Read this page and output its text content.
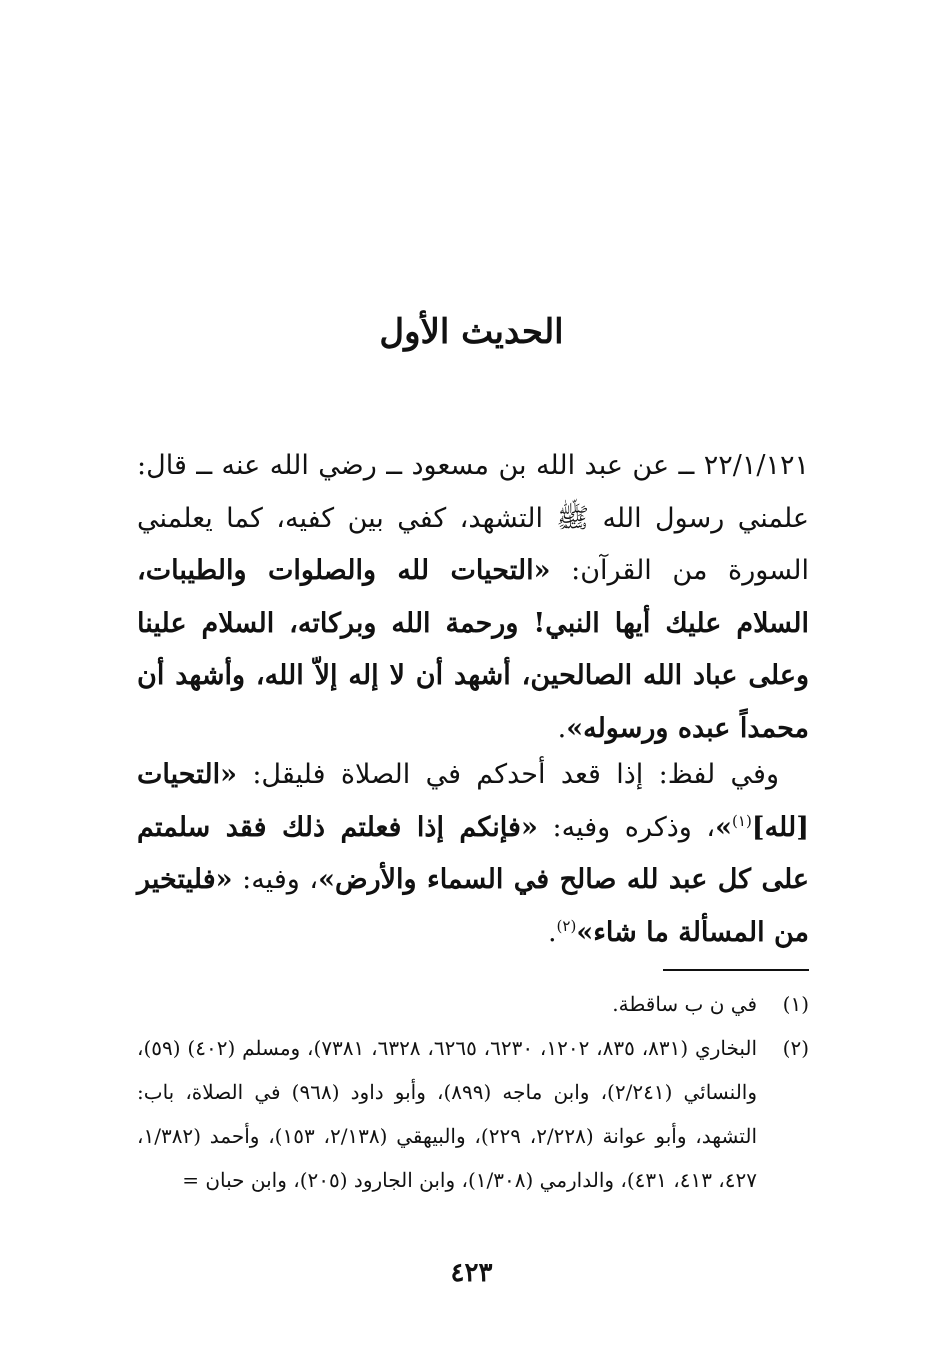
الحديث الأول
٢٢/١/١٢١ ــ عن عبد الله بن مسعود ــ رضي الله عنه ــ قال: علمني رسول الله ﷺ التشهد، كفي بين كفيه، كما يعلمني السورة من القرآن: «التحيات لله والصلوات والطيبات، السلام عليك أيها النبي! ورحمة الله وبركاته، السلام علينا وعلى عباد الله الصالحين، أشهد أن لا إله إلاّ الله، وأشهد أن محمداً عبده ورسوله».
وفي لفظ: إذا قعد أحدكم في الصلاة فليقل: «التحيات [لله]$^{(١)}$»، وذكره وفيه: «فإنكم إذا فعلتم ذلك فقد سلمتم على كل عبد لله صالح في السماء والأرض»، وفيه: «فليتخير من المسألة ما شاء»$^{(٢)}$.
(١)
في ن ب ساقطة.
(٢)
البخاري (٨٣١، ٨٣٥، ١٢٠٢، ٦٢٣٠، ٦٢٦٥، ٦٣٢٨، ٧٣٨١)، ومسلم (٤٠٢) (٥٩)، والنسائي (٢/٢٤١)، وابن ماجه (٨٩٩)، وأبو داود (٩٦٨) في الصلاة، باب: التشهد، وأبو عوانة (٢/٢٢٨، ٢٢٩)، والبيهقي (٢/١٣٨، ١٥٣)، وأحمد (١/٣٨٢، ٤٢٧، ٤١٣، ٤٣١)، والدارمي (١/٣٠٨)، وابن الجارود (٢٠٥)، وابن حبان =
٤٢٣
